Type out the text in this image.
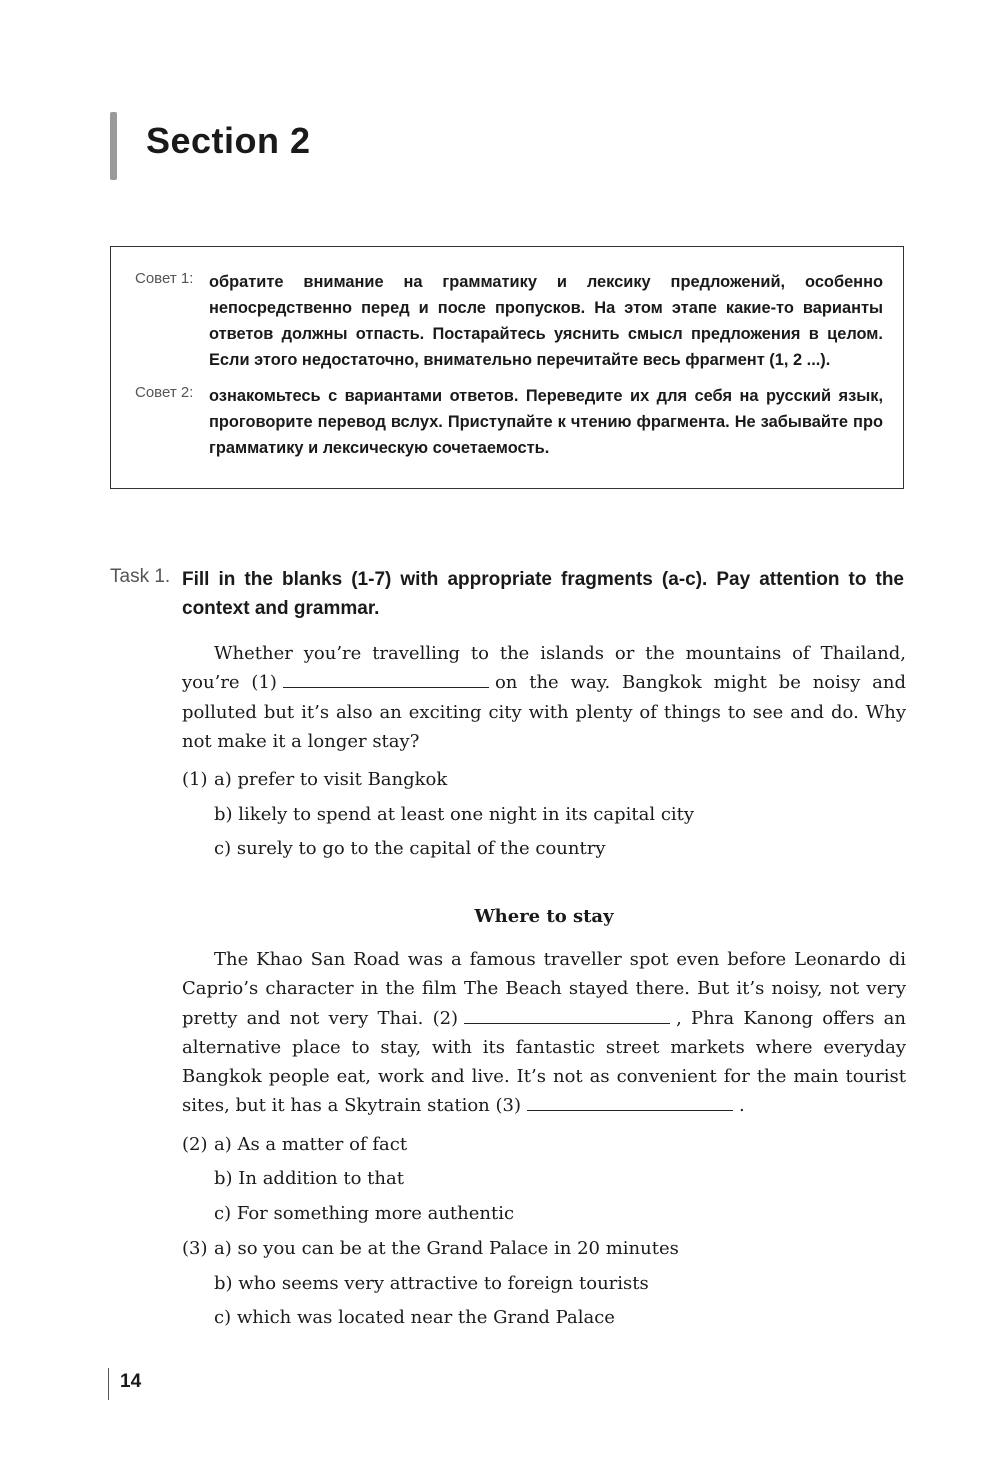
Section 2
Совет 1: обратите внимание на грамматику и лексику предложений, особенно непосредственно перед и после пропусков. На этом этапе какие-то варианты ответов должны отпасть. Постарайтесь уяснить смысл предложения в целом. Если этого недостаточно, внимательно перечитайте весь фрагмент (1, 2 ...).
Совет 2: ознакомьтесь с вариантами ответов. Переведите их для себя на русский язык, проговорите перевод вслух. Приступайте к чтению фрагмента. Не забывайте про грамматику и лексическую сочетаемость.
Task 1. Fill in the blanks (1-7) with appropriate fragments (a-c). Pay attention to the context and grammar.

Whether you’re travelling to the islands or the mountains of Thailand, you’re (1)	on the way. Bangkok might be noisy and polluted but it’s also an exciting city with plenty of things to see and do. Why not make it a longer stay?

(1) a) prefer to visit Bangkok
b) likely to spend at least one night in its capital city
c) surely to go to the capital of the country
Where to stay

The Khao San Road was a famous traveller spot even before Leonardo di Caprio’s character in the film The Beach stayed there. But it’s noisy, not very pretty and not very Thai. (2)	, Phra Kanong offers an alternative place to stay, with its fantastic street markets where everyday Bangkok people eat, work and live. It’s not as convenient for the main tourist sites, but it has a Skytrain station (3)	.

(2) a) As a matter of fact
b) In addition to that
c) For something more authentic
(3) a) so you can be at the Grand Palace in 20 minutes
b) who seems very attractive to foreign tourists
c) which was located near the Grand Palace
14
